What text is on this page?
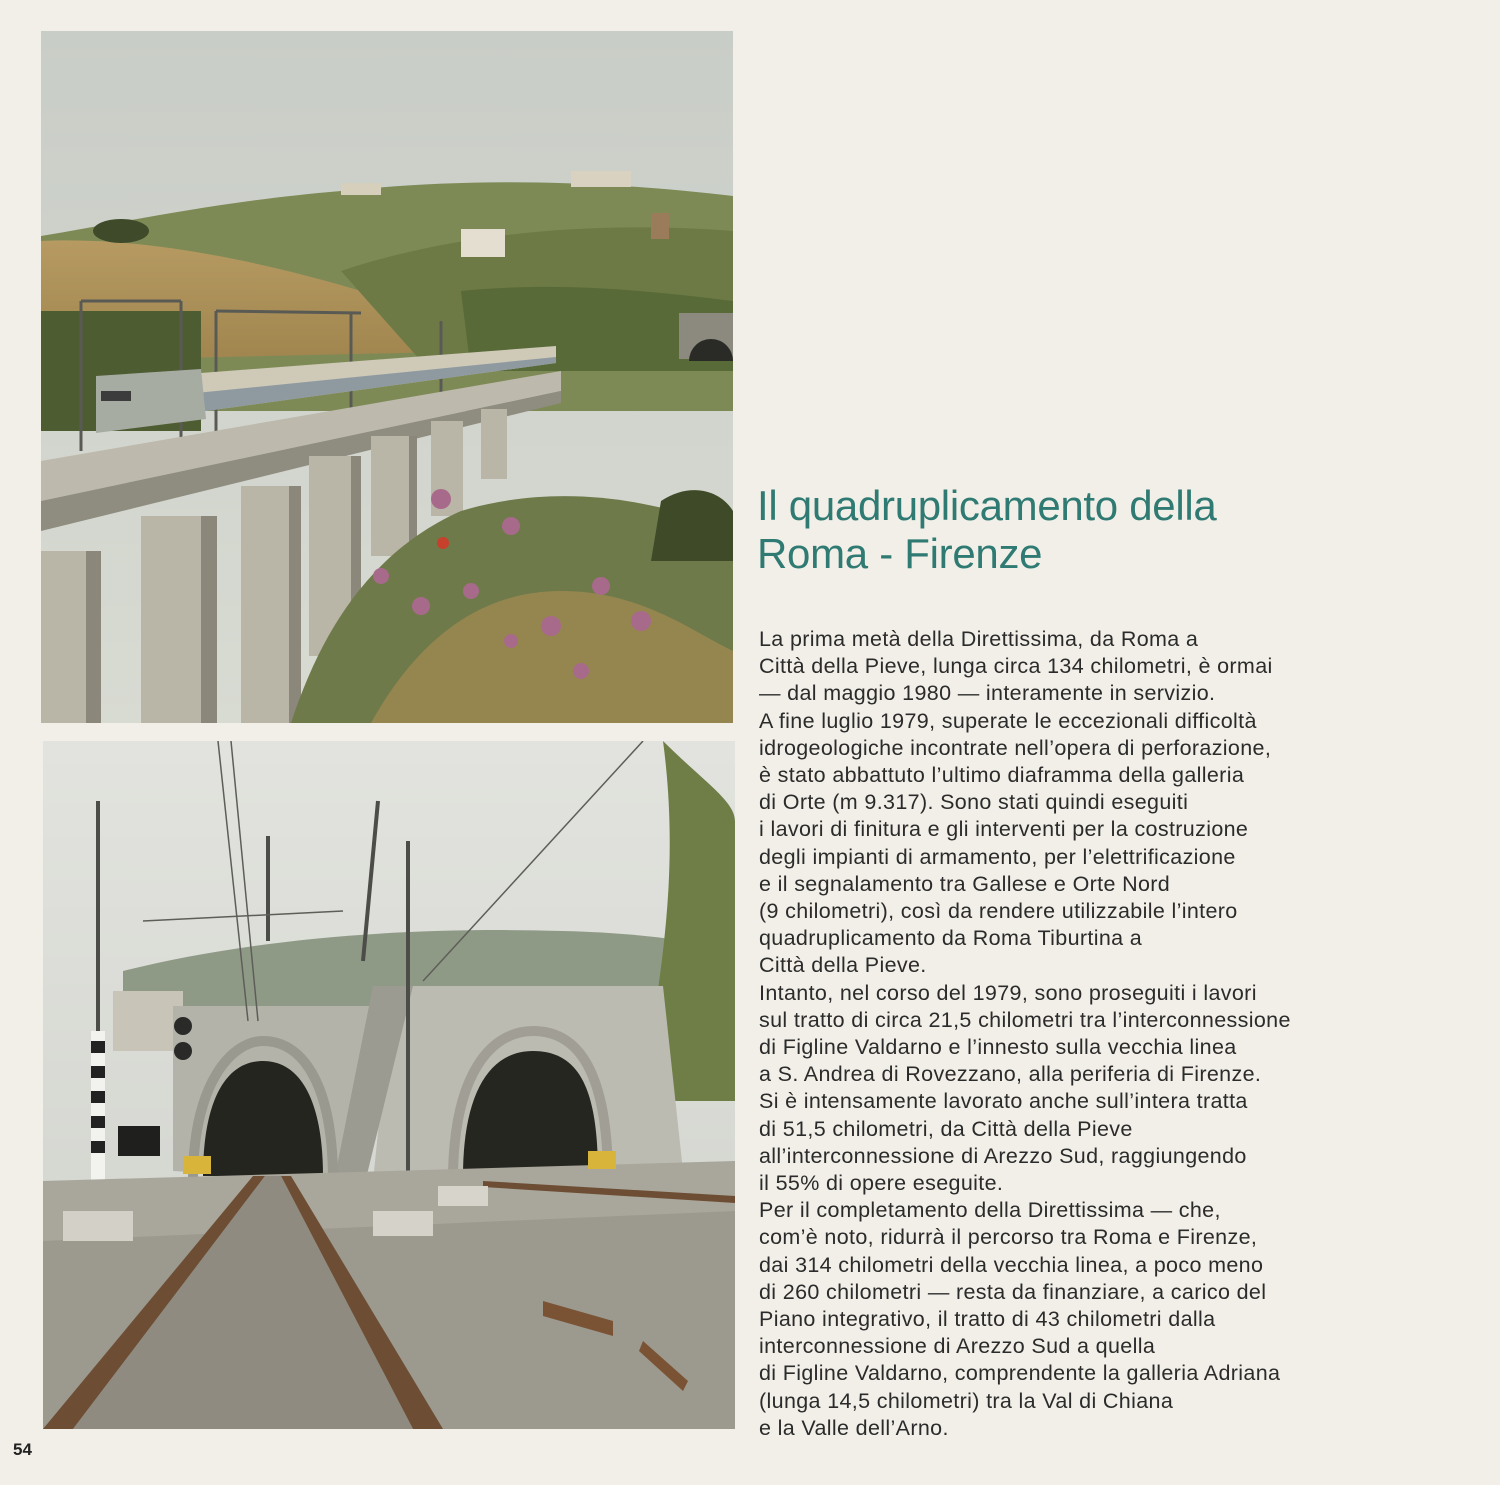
Il quadruplicamento della
Roma - Firenze
La prima metà della Direttissima, da Roma a
Città della Pieve, lunga circa 134 chilometri, è ormai
— dal maggio 1980 — interamente in servizio.
A fine luglio 1979, superate le eccezionali difficoltà
idrogeologiche incontrate nell’opera di perforazione,
è stato abbattuto l’ultimo diaframma della galleria
di Orte (m 9.317). Sono stati quindi eseguiti
i lavori di finitura e gli interventi per la costruzione
degli impianti di armamento, per l’elettrificazione
e il segnalamento tra Gallese e Orte Nord
(9 chilometri), così da rendere utilizzabile l’intero
quadruplicamento da Roma Tiburtina a
Città della Pieve.
Intanto, nel corso del 1979, sono proseguiti i lavori
sul tratto di circa 21,5 chilometri tra l’interconnessione
di Figline Valdarno e l’innesto sulla vecchia linea
a S. Andrea di Rovezzano, alla periferia di Firenze.
Si è intensamente lavorato anche sull’intera tratta
di 51,5 chilometri, da Città della Pieve
all’interconnessione di Arezzo Sud, raggiungendo
il 55% di opere eseguite.
Per il completamento della Direttissima — che,
com’è noto, ridurrà il percorso tra Roma e Firenze,
dai 314 chilometri della vecchia linea, a poco meno
di 260 chilometri — resta da finanziare, a carico del
Piano integrativo, il tratto di 43 chilometri dalla
interconnessione di Arezzo Sud a quella
di Figline Valdarno, comprendente la galleria Adriana
(lunga 14,5 chilometri) tra la Val di Chiana
e la Valle dell’Arno.
54
